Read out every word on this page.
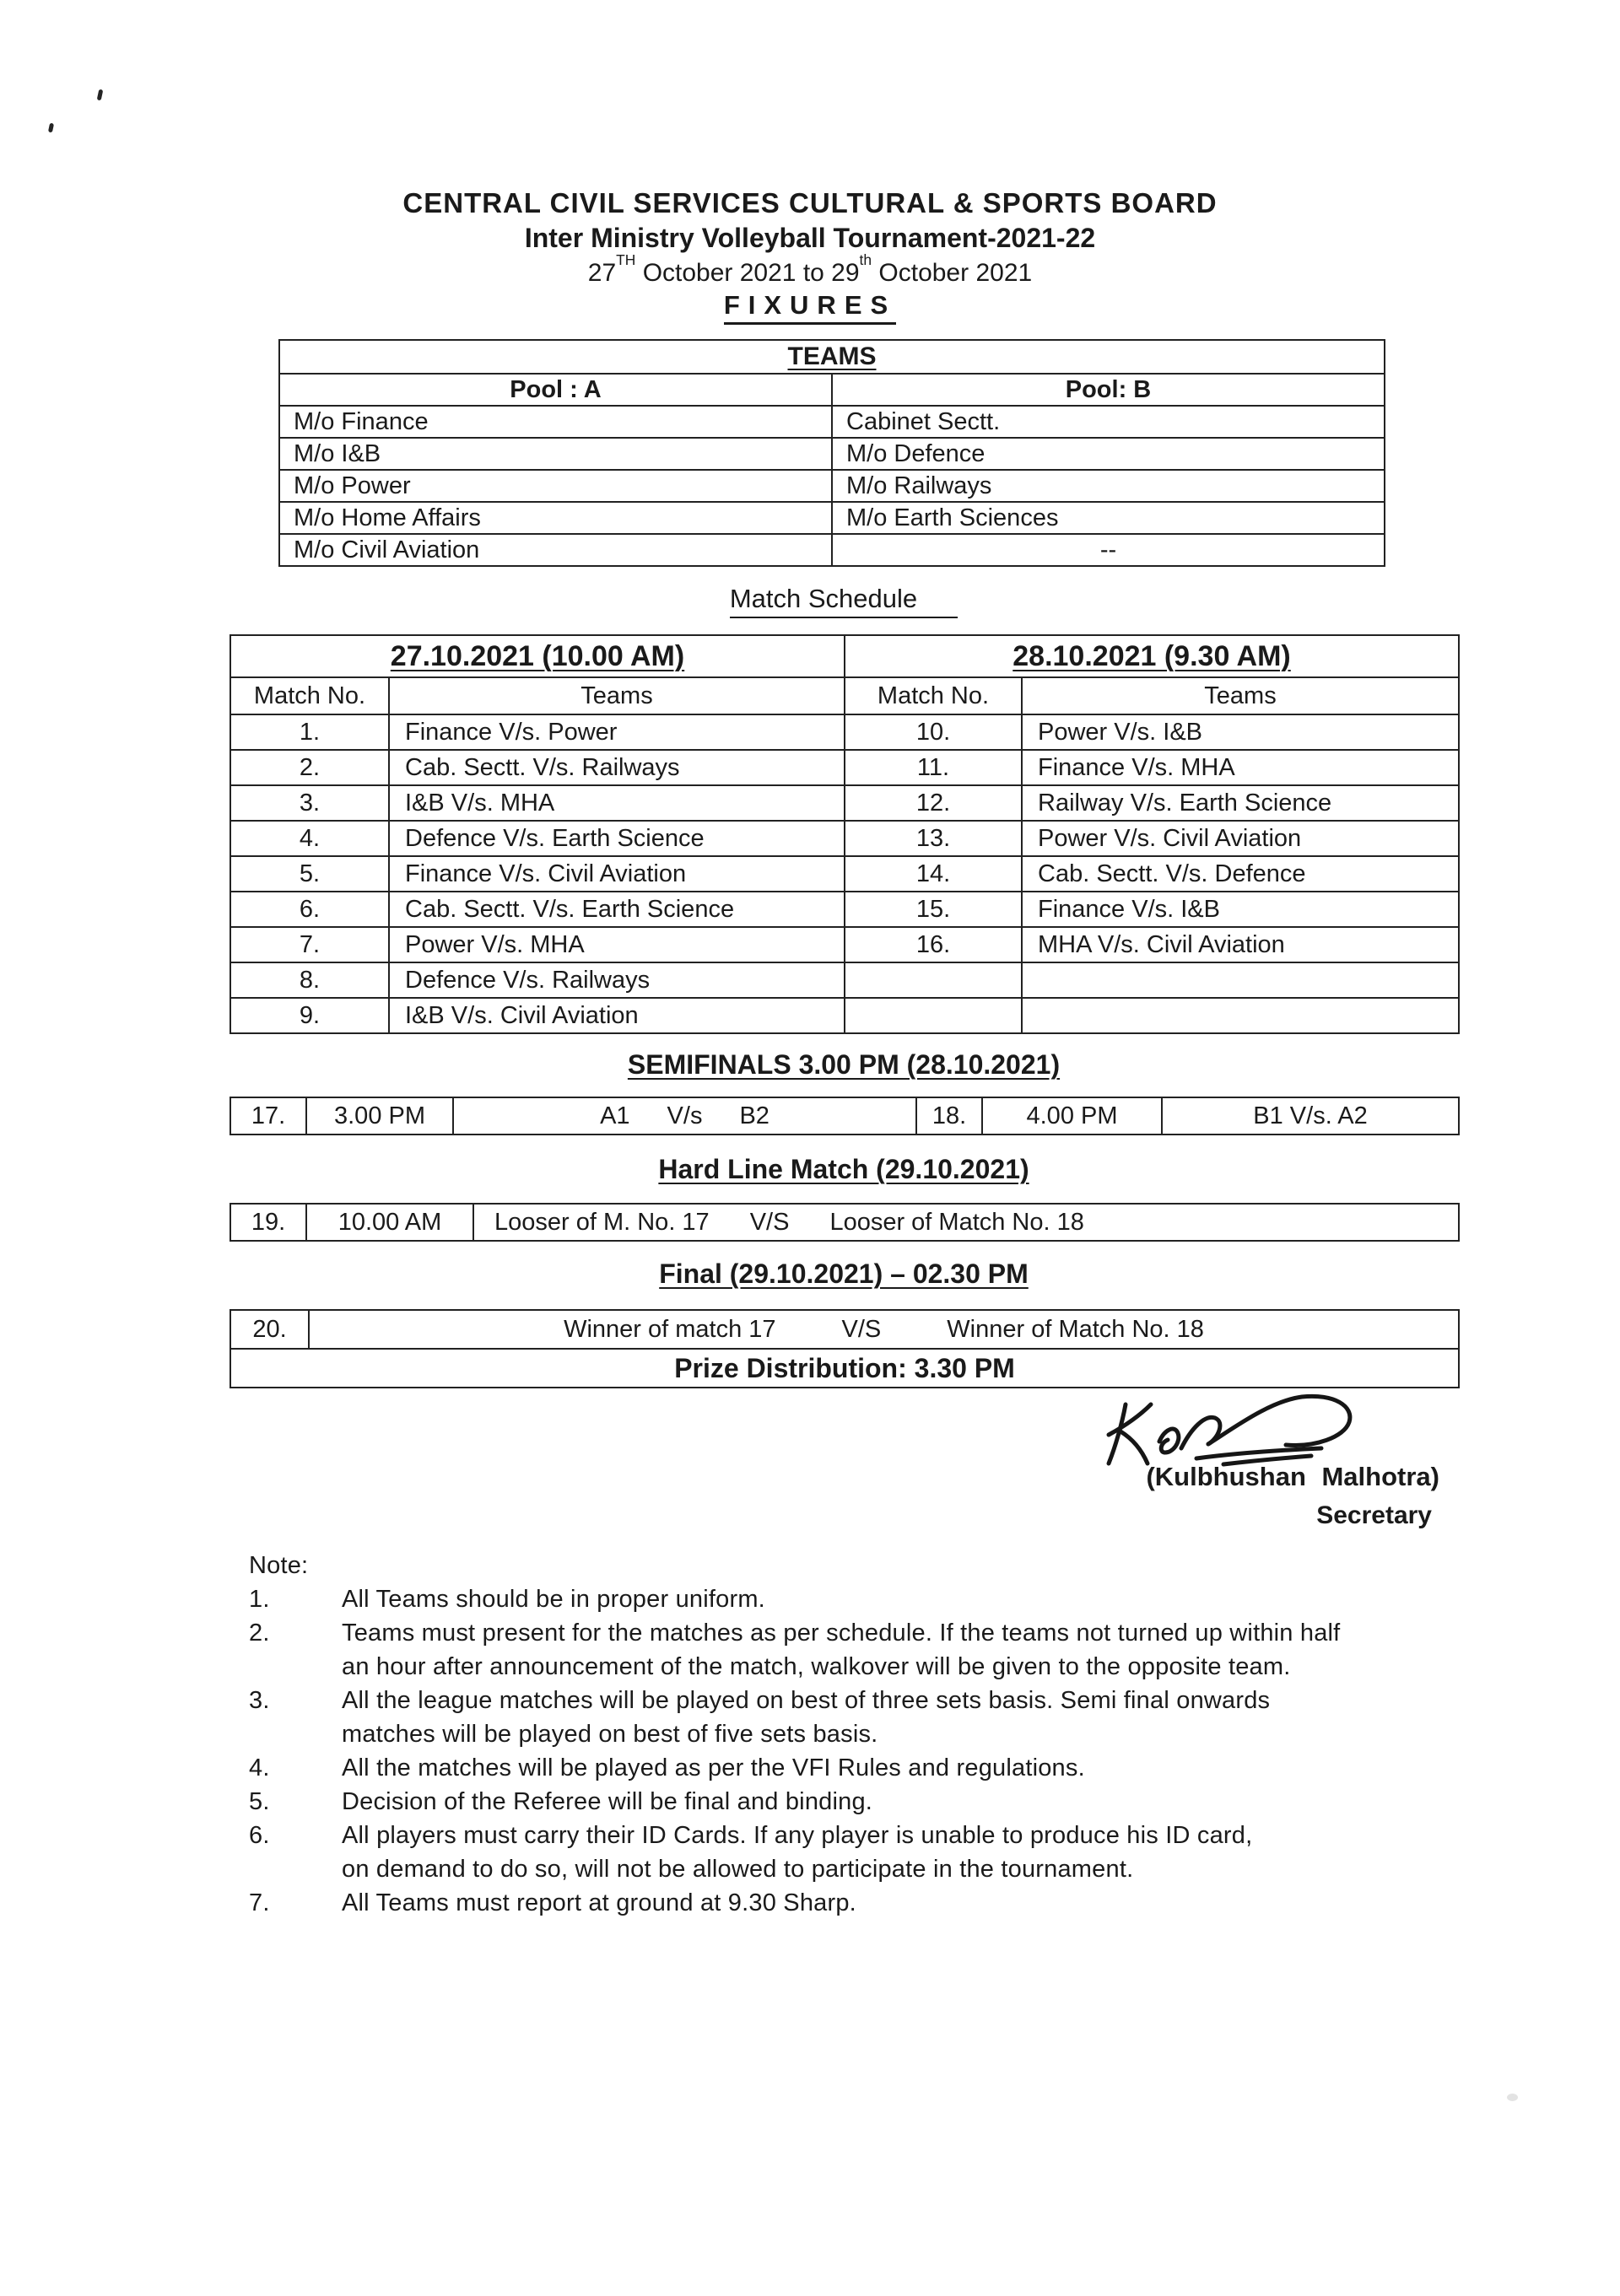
CENTRAL CIVIL SERVICES CULTURAL & SPORTS BOARD
Inter Ministry Volleyball Tournament-2021-22
27TH October 2021 to 29th October 2021
FIXURES
TEAMS	
Pool : A	Pool: B
M/o Finance	Cabinet Sectt.
M/o I&B	M/o Defence
M/o Power	M/o Railways
M/o Home Affairs	M/o Earth Sciences
M/o Civil Aviation	--
Match Schedule
27.10.2021 (10.00 AM)		28.10.2021 (9.30 AM)	
Match No.	Teams	Match No.	Teams
1.	Finance V/s. Power	10.	Power V/s. I&B
2.	Cab. Sectt. V/s. Railways	11.	Finance V/s. MHA
3.	I&B V/s. MHA	12.	Railway V/s. Earth Science
4.	Defence V/s. Earth Science	13.	Power V/s. Civil Aviation
5.	Finance V/s. Civil Aviation	14.	Cab. Sectt. V/s. Defence
6.	Cab. Sectt. V/s. Earth Science	15.	Finance V/s. I&B
7.	Power V/s. MHA	16.	MHA V/s. Civil Aviation
8.	Defence V/s. Railways		
9.	I&B V/s. Civil Aviation		
SEMIFINALS 3.00 PM (28.10.2021)
17.	3.00 PM	A1 V/s B2	18.	4.00 PM	B1 V/s. A2
Hard Line Match (29.10.2021)
19.	10.00 AM	Looser of M. No. 17 V/S Looser of Match No. 18
Final (29.10.2021) – 02.30 PM
20.	Winner of match 17	V/S	Winner of Match No. 18

Prize Distribution: 3.30 PM
(Kulbhushan Malhotra)
Secretary
Note:
1.	All Teams should be in proper uniform.
2.	Teams must present for the matches as per schedule. If the teams not turned up within half
an hour after announcement of the match, walkover will be given to the opposite team.
3.	All the league matches will be played on best of three sets basis. Semi final onwards
matches will be played on best of five sets basis.
4.	All the matches will be played as per the VFI Rules and regulations.
5.	Decision of the Referee will be final and binding.
6.	All players must carry their ID Cards. If any player is unable to produce his ID card,
on demand to do so, will not be allowed to participate in the tournament.
7.	All Teams must report at ground at 9.30 Sharp.
